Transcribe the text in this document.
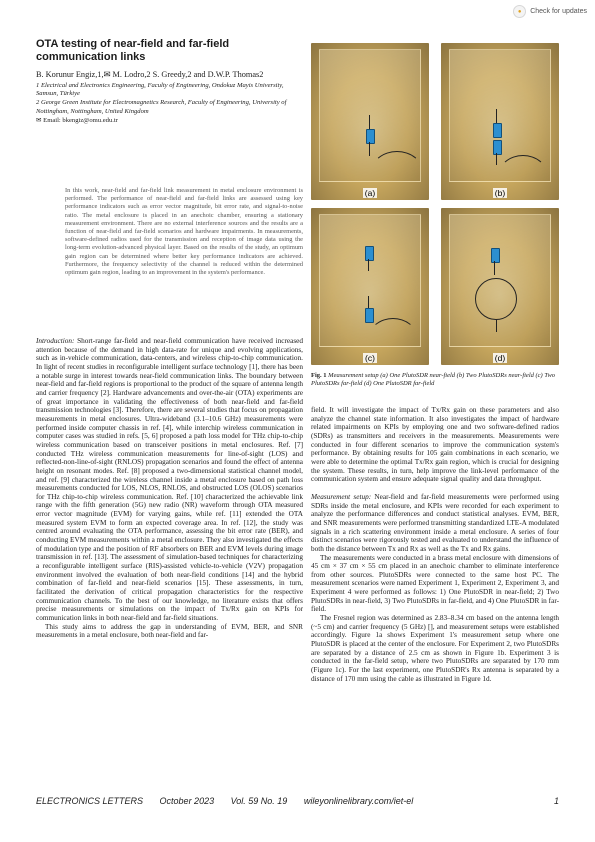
●	Check for updates
OTA testing of near-field and far-field communication links
B. Korunur Engiz,1,✉ M. Lodro,2 S. Greedy,2 and D.W.P. Thomas2
1 Electrical and Electronics Engineering, Faculty of Engineering, Ondokuz Mayis University, Samsun, Türkiye
2 George Green Institute for Electromagnetics Research, Faculty of Engineering, University of Nottingham, Nottingham, United Kingdom
✉ Email: bkengiz@omu.edu.tr
In this work, near-field and far-field link measurement in metal enclosure environment is performed. The performance of near-field and far-field links are assessed using key performance indicators such as error vector magnitude, bit error rate, and signal-to-noise ratio. The metal enclosure is placed in an anechoic chamber, ensuring a stationary measurement environment. There are no external interference sources and the results are a function of near-field and far-field scenarios and hardware impairments. In measurements, software-defined radios used for the transmission and reception of image data using the long-term evolution-advanced physical layer. Based on the results of the study, an optimum gain region can be determined where better key performance indicators are achieved. Furthermore, the frequency selectivity of the channel is reduced within the determined optimum gain region, leading to an improvement in the system's performance.

Introduction: Short-range far-field and near-field communication have received increased attention because of the demand in high data-rate for unique and evolving applications, such as in-vehicle communication, data-centers, and wireless chip-to-chip communication. In light of recent studies in reconfigurable intelligent surface technology [1], there has been a notable surge in interest towards near-field communication links. The boundary between near-field and far-field regions is proportional to the product of the square of antenna length and carrier frequency [2]. Hardware advancements and over-the-air (OTA) experiments are of great importance in validating the effectiveness of both near-field and far-field transmission technologies [3]. Therefore, there are several studies that focus on propagation measurements in metal enclosures. Ultra-wideband (3.1–10.6 GHz) measurements were performed inside computer chassis in ref. [4], while interchip wireless communication in computer cases was studied in refs. [5, 6] proposed a path loss model for THz chip-to-chip wireless communication based on transceiver positions in metal enclosures. Ref. [7] conducted THz wireless communication measurements for line-of-sight (LOS) and reflected-non-line-of-sight (RNLOS) propagation scenarios and found the effect of antenna height on resonant modes. Ref. [8] proposed a two-dimensional statistical channel model, and ref. [9] characterized the wireless channel inside a metal enclosure based on path loss measurements conducted for LOS, NLOS, RNLOS, and obstructed LOS (OLOS) scenarios for THz chip-to-chip wireless communication. Ref. [10] characterized the achievable link range with the fifth generation (5G) new radio (NR) waveform through OTA measured error vector magnitude (EVM) for varying gains, while ref. [11] extended the OTA measured system EVM to form an expected coverage area. In ref. [12], the study was centred around evaluating the OTA performance, assessing the bit error rate (BER), and conducting EVM measurements within a metal enclosure. They also investigated the effects of modulation type and the position of RF absorbers on BER and EVM levels during image transmission in ref. [13]. The assessment of simulation-based techniques for characterizing a reconfigurable intelligent surface (RIS)-assisted vehicle-to-vehicle (V2V) propagation environment involved the evaluation of both near-field conditions [14] and the hybrid combination of far-field and near-field scenarios [15]. These assessments, in turn, facilitated the derivation of critical propagation characteristics for the respective communication channels. To the best of our knowledge, no literature exists that offers precise measurements or simulations on the impact of Tx/Rx gain on KPIs for communication links in both near-field and far-field situations.

This study aims to address the gap in understanding of EVM, BER, and SNR measurements in a metal enclosure, both near-field and far-

(a)	(b)
(c)	(d)
Fig. 1 Measurement setup (a) One PlutoSDR near-field (b) Two PlutoSDRs near-field (c) Two PlutoSDRs far-field (d) One PlutoSDR far-field

field. It will investigate the impact of Tx/Rx gain on these parameters and also analyze the channel state information. It also investigates the impact of hardware related impairments on KPIs by employing one and two software-defined radios (SDRs) as transmitters and receivers in the measurements. Measurements were conducted in four different scenarios to improve the communication system's performance. By obtaining results for 105 gain combinations in each scenario, we were able to determine the optimal Tx/Rx gain region, which is crucial for designing the system. These results, in turn, help improve the link-level performance of the communication system and ensure adequate signal quality and data throughput.

Measurement setup: Near-field and far-field measurements were performed using SDRs inside the metal enclosure, and KPIs were recorded for each experiment to analyze the performance differences and conduct statistical analyses. EVM, BER, and SNR measurements were performed transmitting standardized LTE-A modulated signals in a rich scattering environment inside a metal enclosure. A series of four distinct scenarios were rigorously tested and evaluated to understand the influence of both the distance between Tx and Rx as well as the Tx and Rx gains.

The measurements were conducted in a brass metal enclosure with dimensions of 45 cm × 37 cm × 55 cm placed in an anechoic chamber to eliminate interference from other sources. PlutoSDRs were connected to the same host PC. The measurement scenarios were named Experiment 1, Experiment 2, Experiment 3, and Experiment 4 were performed as follows: 1) One PlutoSDR in near-field; 2) Two PlutoSDRs in near-field, 3) Two PlutoSDRs in far-field, and 4) One PlutoSDR in far-field.

The Fresnel region was determined as 2.83–8.34 cm based on the antenna length (~5 cm) and carrier frequency (5 GHz) [], and measurement setups were established accordingly. Figure 1a shows Experiment 1's measurement setup where one PlutoSDR is placed at the center of the enclosure. For Experiment 2, two PlutoSDRs are separated by a distance of 2.5 cm as shown in Figure 1b. Experiment 3 is conducted in the far-field setup, where two PlutoSDRs are separated by 170 mm (Figure 1c). For the last experiment, one PlutoSDR's Rx antenna is separated by a distance of 170 mm using the cable as illustrated in Figure 1d.

ELECTRONICS LETTERS October 2023 Vol. 59 No. 19 wileyonlinelibrary.com/iet-el	1
